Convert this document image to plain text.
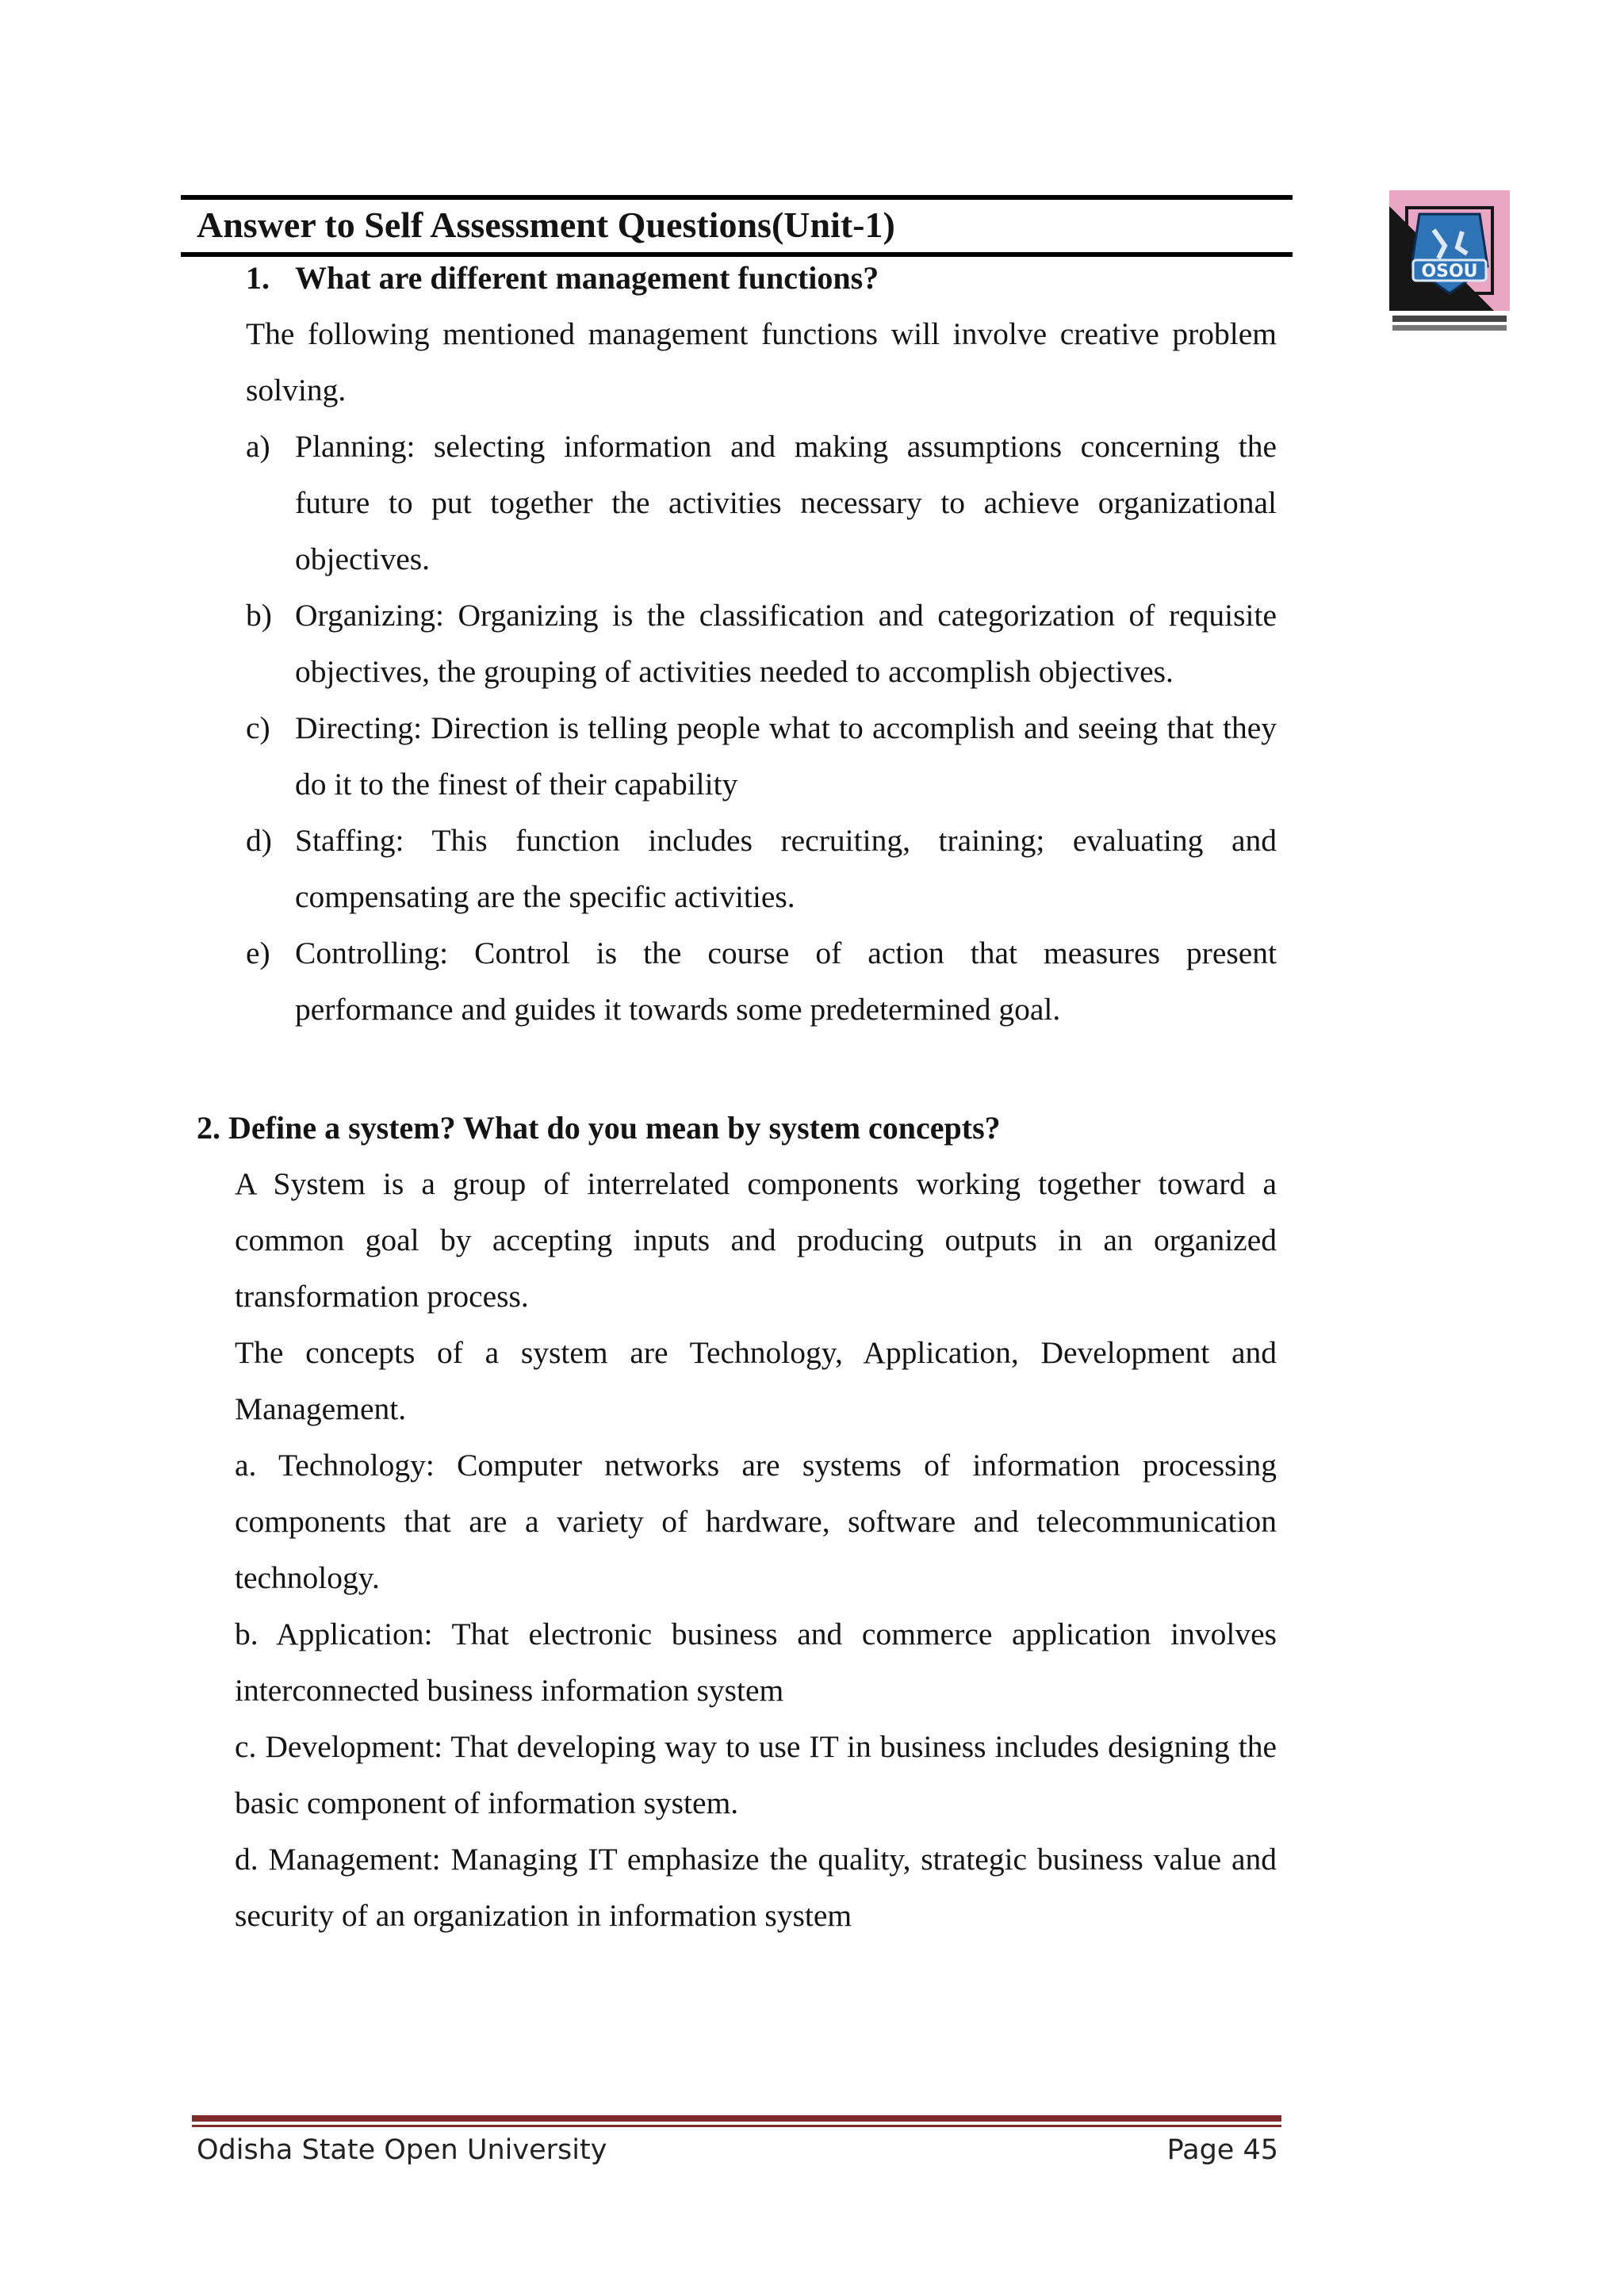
Answer to Self Assessment Questions(Unit-1)
OSOU
1. What are different management functions?
The following mentioned management functions will involve creative problem solving.
a) Planning: selecting information and making assumptions concerning the future to put together the activities necessary to achieve organizational objectives.
b) Organizing: Organizing is the classification and categorization of requisite objectives, the grouping of activities needed to accomplish objectives.
c) Directing: Direction is telling people what to accomplish and seeing that they do it to the finest of their capability
d) Staffing: This function includes recruiting, training; evaluating and compensating are the specific activities.
e) Controlling: Control is the course of action that measures present performance and guides it towards some predetermined goal.
2. Define a system? What do you mean by system concepts?
A System is a group of interrelated components working together toward a common goal by accepting inputs and producing outputs in an organized transformation process.
The concepts of a system are Technology, Application, Development and Management.
a. Technology: Computer networks are systems of information processing components that are a variety of hardware, software and telecommunication technology.
b. Application: That electronic business and commerce application involves interconnected business information system
c. Development: That developing way to use IT in business includes designing the basic component of information system.
d. Management: Managing IT emphasize the quality, strategic business value and security of an organization in information system
Odisha State Open University	Page 45
